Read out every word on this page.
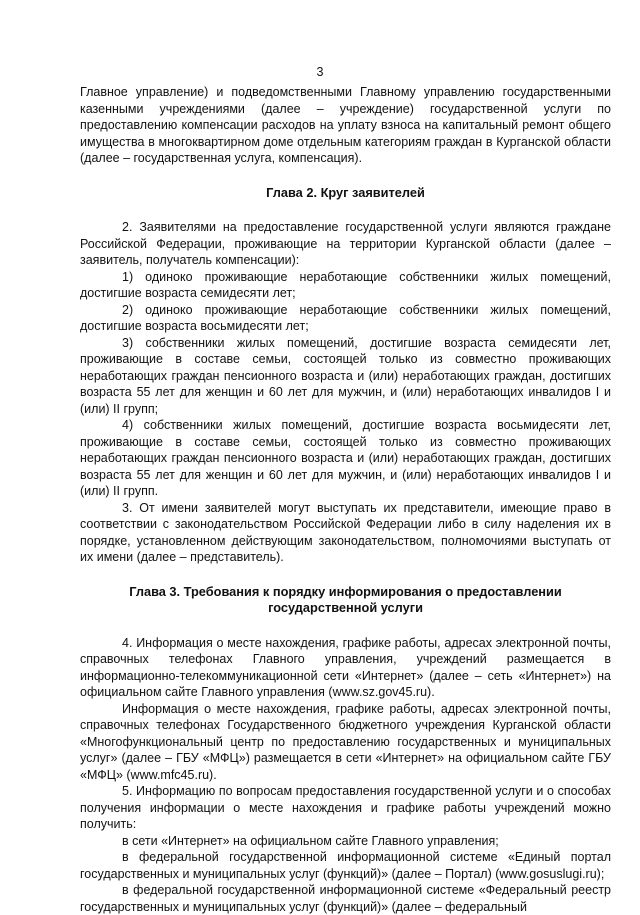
3

Главное управление) и подведомственными Главному управлению государственными казенными учреждениями (далее – учреждение) государственной услуги по предоставлению компенсации расходов на уплату взноса на капитальный ремонт общего имущества в многоквартирном доме отдельным категориям граждан в Курганской области (далее – государственная услуга, компенсация).

Глава 2. Круг заявителей

2. Заявителями на предоставление государственной услуги являются граждане Российской Федерации, проживающие на территории Курганской области (далее – заявитель, получатель компенсации):

1) одиноко проживающие неработающие собственники жилых помещений, достигшие возраста семидесяти лет;

2) одиноко проживающие неработающие собственники жилых помещений, достигшие возраста восьмидесяти лет;

3) собственники жилых помещений, достигшие возраста семидесяти лет, проживающие в составе семьи, состоящей только из совместно проживающих неработающих граждан пенсионного возраста и (или) неработающих граждан, достигших возраста 55 лет для женщин и 60 лет для мужчин, и (или) неработающих инвалидов I и (или) II групп;

4) собственники жилых помещений, достигшие возраста восьмидесяти лет, проживающие в составе семьи, состоящей только из совместно проживающих неработающих граждан пенсионного возраста и (или) неработающих граждан, достигших возраста 55 лет для женщин и 60 лет для мужчин, и (или) неработающих инвалидов I и (или) II групп.

3. От имени заявителей могут выступать их представители, имеющие право в соответствии с законодательством Российской Федерации либо в силу наделения их в порядке, установленном действующим законодательством, полномочиями выступать от их имени (далее – представитель).

Глава 3. Требования к порядку информирования о предоставлении
государственной услуги

4. Информация о месте нахождения, графике работы, адресах электронной почты, справочных телефонах Главного управления, учреждений размещается в информационно-телекоммуникационной сети «Интернет» (далее – сеть «Интернет») на официальном сайте Главного управления (www.sz.gov45.ru).

Информация о месте нахождения, графике работы, адресах электронной почты, справочных телефонах Государственного бюджетного учреждения Курганской области «Многофункциональный центр по предоставлению государственных и муниципальных услуг» (далее – ГБУ «МФЦ») размещается в сети «Интернет» на официальном сайте ГБУ «МФЦ» (www.mfc45.ru).

5. Информацию по вопросам предоставления государственной услуги и о способах получения информации о месте нахождения и графике работы учреждений можно получить:

в сети «Интернет» на официальном сайте Главного управления;

в федеральной государственной информационной системе «Единый портал государственных и муниципальных услуг (функций)» (далее – Портал) (www.gosuslugi.ru);

в федеральной государственной информационной системе «Федеральный реестр государственных и муниципальных услуг (функций)» (далее – федеральный
